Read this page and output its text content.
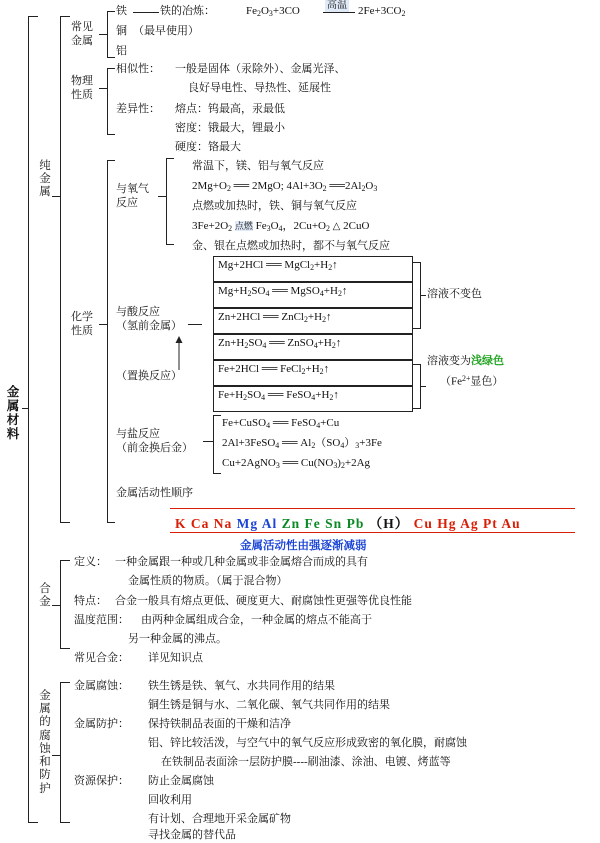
金属材料
纯金属
常见
金属
铁
铜
铝
铁的冶炼：	$Fe_2O_3+3CO$	高温 $2Fe+3CO_2$
（最早使用）
物理
性质
相似性： 一般是固体（汞除外）、金属光泽、
良好导电性、导热性、延展性
差异性： 熔点：钨最高，汞最低
密度：锇最大，锂最小
硬度：铬最大
化学
性质
与氧气
反应
常温下，镁、铝与氧气反应
$2Mg+O_2$ ══ 2MgO; $4Al+3O_2$ $══2Al_2O_3$
点燃或加热时，铁、铜与氧气反应
$3Fe+2O_2$ 点燃 $Fe_3O_4$，$2Cu+O_2$ △ 2CuO
金、银在点燃或加热时，都不与氧气反应
与酸反应
（氢前金属）
（置换反应）
Mg+2HCl ══ $MgCl_2+H_2↑$
$Mg+H_2SO_4$ ══ $MgSO_4+H_2↑$
Zn+2HCl ══ $ZnCl_2+H_2↑$
$Zn+H_2SO_4$ ══ $ZnSO_4+H_2↑$
Fe+2HCl ══ $FeCl_2+H_2↑$
$Fe+H_2SO_4$ ══ $FeSO_4+H_2↑$
溶液不变色
溶液变为浅绿色
（$Fe^{2+}$显色）
与盐反应
（前金换后金）
Fe+CuSO$_4$ ══ FeSO$_4$+Cu
2Al+3FeSO$_4$ ══ $Al_2(SO_4)_3+3Fe$
Cu+2AgNO$_3$ ══ $Cu(NO_3)_2+2Ag$
金属活动性顺序
K Ca Na Mg Al Zn Fe Sn Pb （H） Cu Hg Ag Pt Au
金属活动性由强逐渐减弱
合金
定义： 一种金属跟一种或几种金属或非金属熔合而成的具有
金属性质的物质。（属于混合物）
特点： 合金一般具有熔点更低、硬度更大、耐腐蚀性更强等优良性能
温度范围： 由两种金属组成合金，一种金属的熔点不能高于
另一种金属的沸点。
常见合金： 详见知识点
金属的腐蚀和防护
金属腐蚀： 铁生锈是铁、氧气、水共同作用的结果
铜生锈是铜与水、二氧化碳、氧气共同作用的结果
金属防护： 保持铁制品表面的干燥和洁净
铝、锌比较活泼，与空气中的氧气反应形成致密的氧化膜，耐腐蚀
在铁制品表面涂一层防护膜----刷油漆、涂油、电镀、烤蓝等
资源保护： 防止金属腐蚀
回收利用
有计划、合理地开采金属矿物
寻找金属的替代品
